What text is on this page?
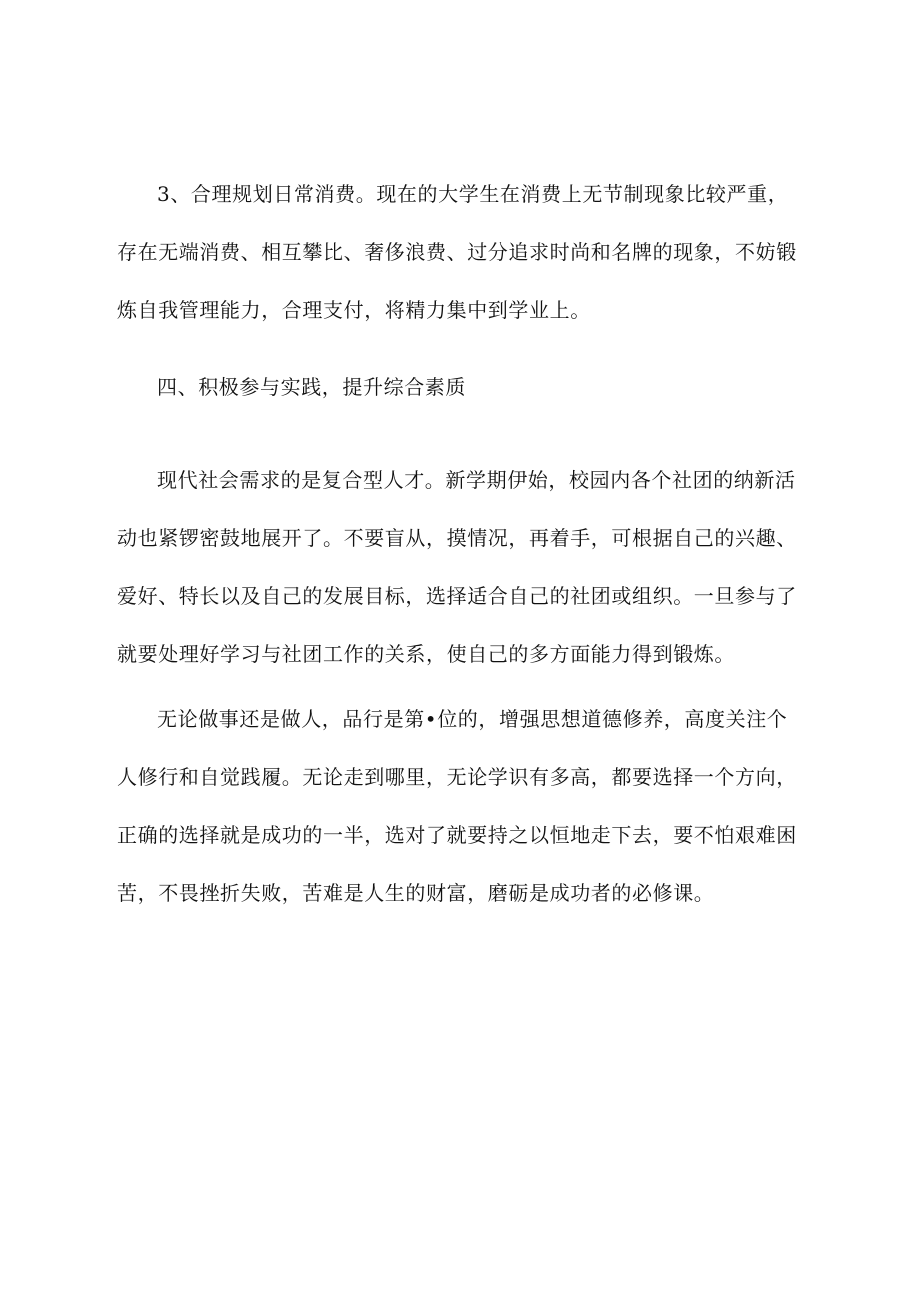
3、合理规划日常消费。现在的大学生在消费上无节制现象比较严重，
存在无端消费、相互攀比、奢侈浪费、过分追求时尚和名牌的现象，不妨锻
炼自我管理能力，合理支付，将精力集中到学业上。
四、积极参与实践，提升综合素质
现代社会需求的是复合型人才。新学期伊始，校园内各个社团的纳新活
动也紧锣密鼓地展开了。不要盲从，摸情况，再着手，可根据自己的兴趣、
爱好、特长以及自己的发展目标，选择适合自己的社团或组织。一旦参与了
就要处理好学习与社团工作的关系，使自己的多方面能力得到锻炼。
无论做事还是做人，品行是第•位的，增强思想道德修养，高度关注个
人修行和自觉践履。无论走到哪里，无论学识有多高，都要选择一个方向，
正确的选择就是成功的一半，选对了就要持之以恒地走下去，要不怕艰难困
苦，不畏挫折失败，苦难是人生的财富，磨砺是成功者的必修课。
